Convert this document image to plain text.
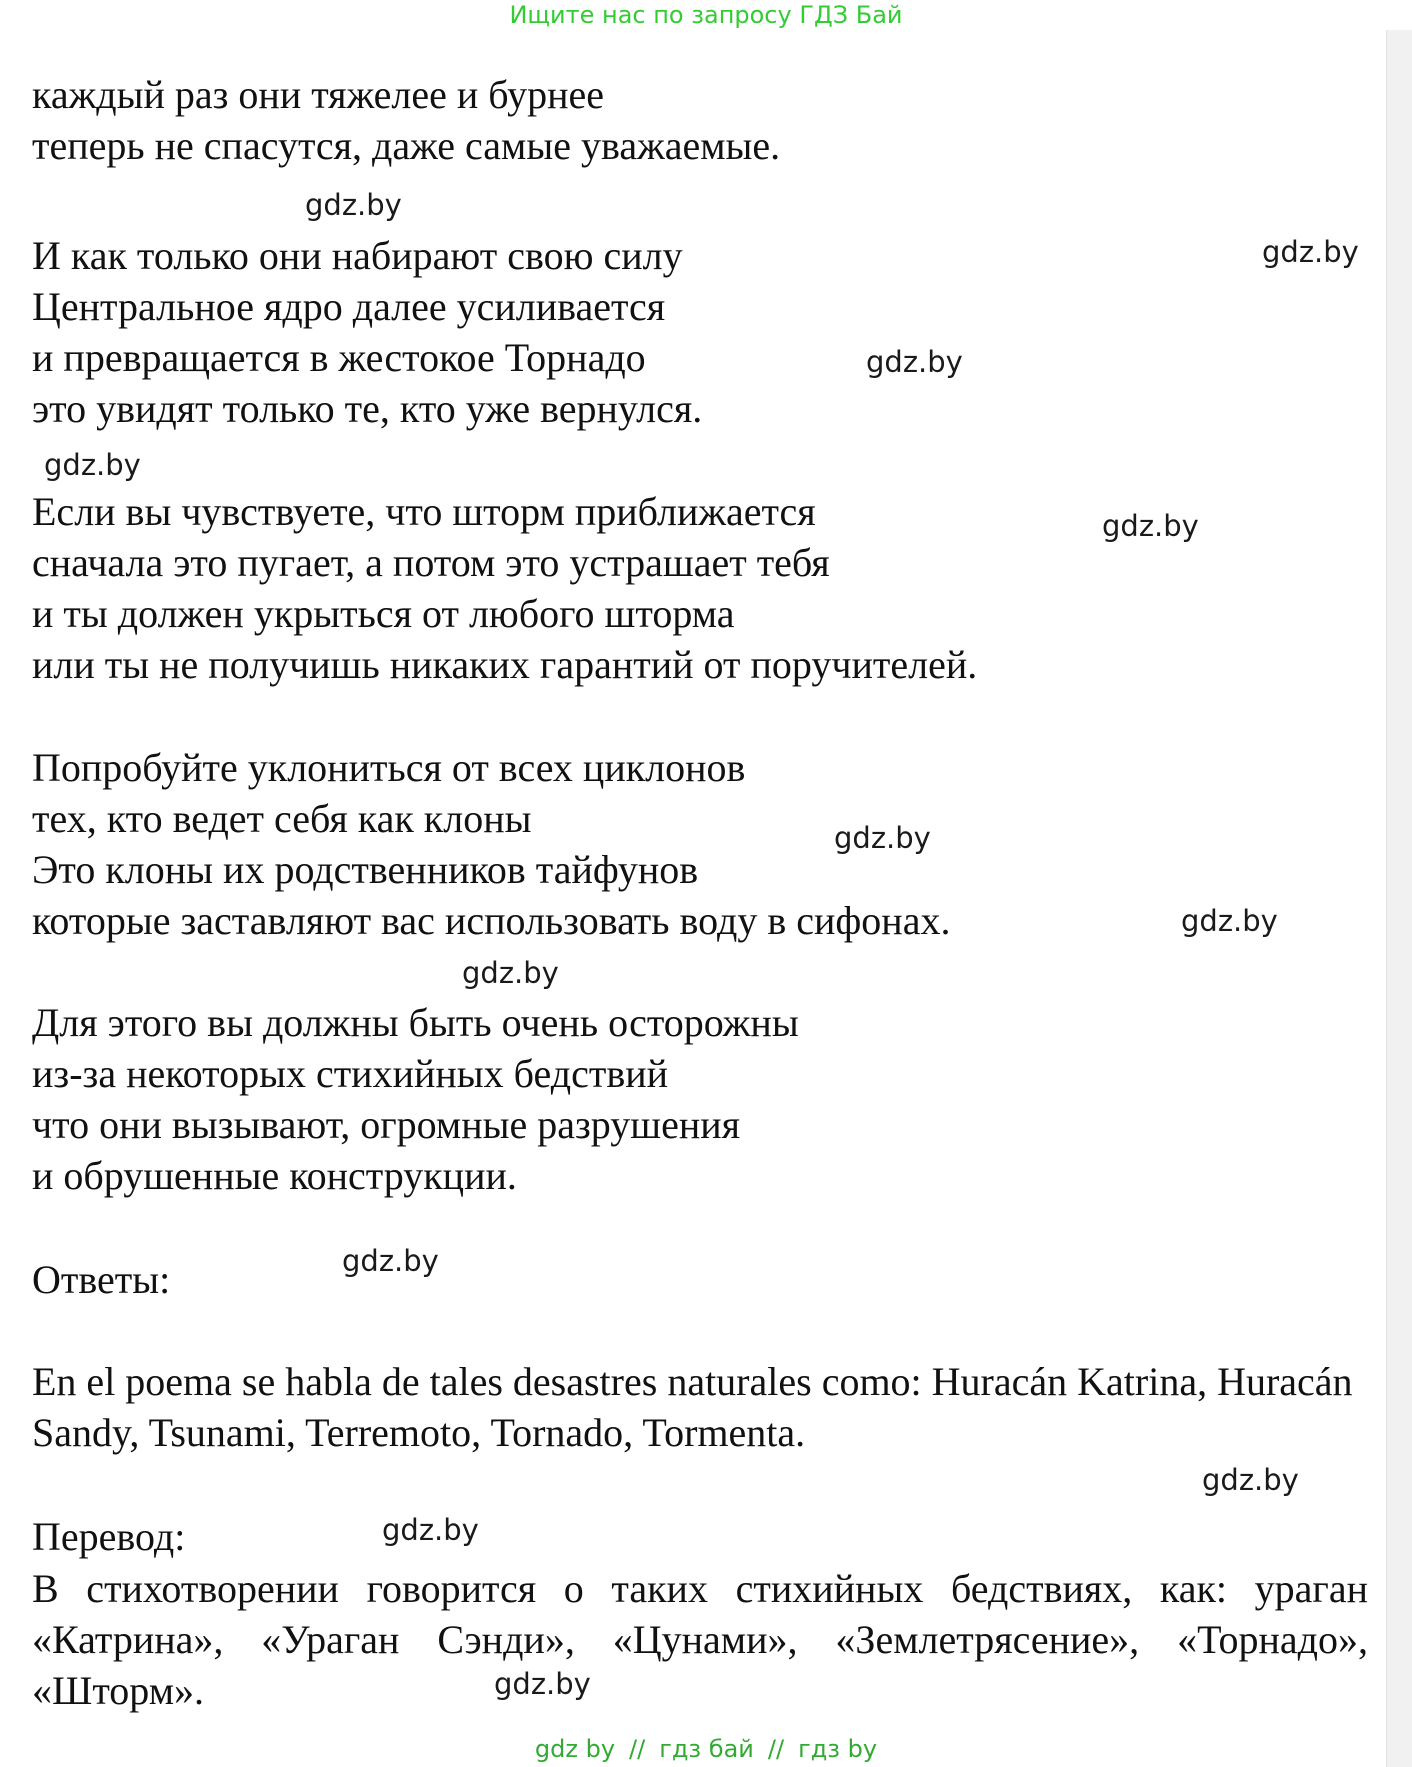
Ищите нас по запросу ГДЗ Бай
каждый раз они тяжелее и бурнее
теперь не спасутся, даже самые уважаемые.
И как только они набирают свою силу
Центральное ядро далее усиливается
и превращается в жестокое Торнадо
это увидят только те, кто уже вернулся.
Если вы чувствуете, что шторм приближается
сначала это пугает, а потом это устрашает тебя
и ты должен укрыться от любого шторма
или ты не получишь никаких гарантий от поручителей.
Попробуйте уклониться от всех циклонов
тех, кто ведет себя как клоны
Это клоны их родственников тайфунов
которые заставляют вас использовать воду в сифонах.
Для этого вы должны быть очень осторожны
из-за некоторых стихийных бедствий
что они вызывают, огромные разрушения
и обрушенные конструкции.
Ответы:
En el poema se habla de tales desastres naturales como: Huracán Katrina, Huracán
Sandy, Tsunami, Terremoto, Tornado, Tormenta.
Перевод:
В стихотворении говорится о таких стихийных бедствиях, как: ураган
«Катрина», «Ураган Сэнди», «Цунами», «Землетрясение», «Торнадо»,
«Шторм».
gdz.by
gdz.by
gdz.by
gdz.by
gdz.by
gdz.by
gdz.by
gdz.by
gdz.by
gdz.by
gdz.by
gdz.by
gdz by // гдз бай // гдз by
